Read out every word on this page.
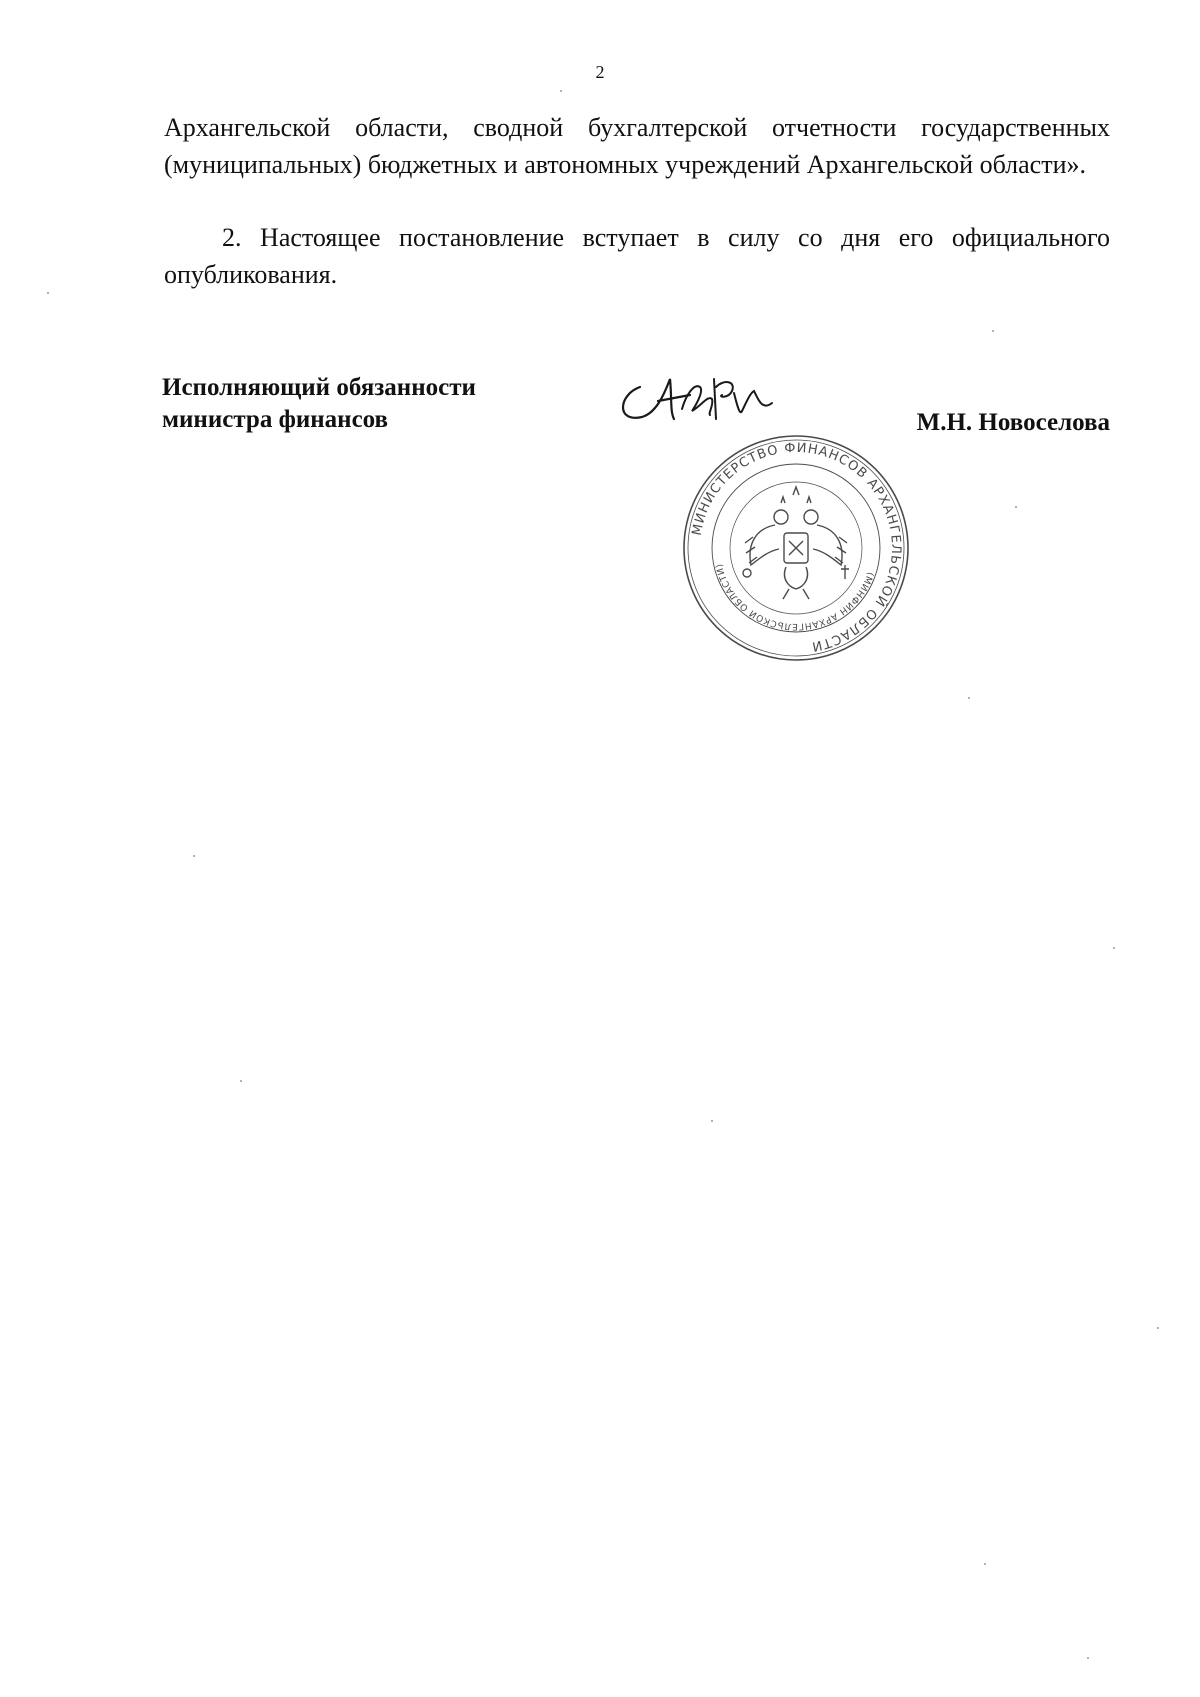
2
Архангельской области, сводной бухгалтерской отчетности государственных (муниципальных) бюджетных и автономных учреждений Архангельской области».
2. Настоящее постановление вступает в силу со дня его официального опубликования.
Исполняющий обязанности
министра финансов	М.Н. Новоселова
МИНИСТЕРСТВО ФИНАНСОВ АРХАНГЕЛЬСКОЙ ОБЛАСТИ
(МИНФИН АРХАНГЕЛЬСКОЙ ОБЛАСТИ)
